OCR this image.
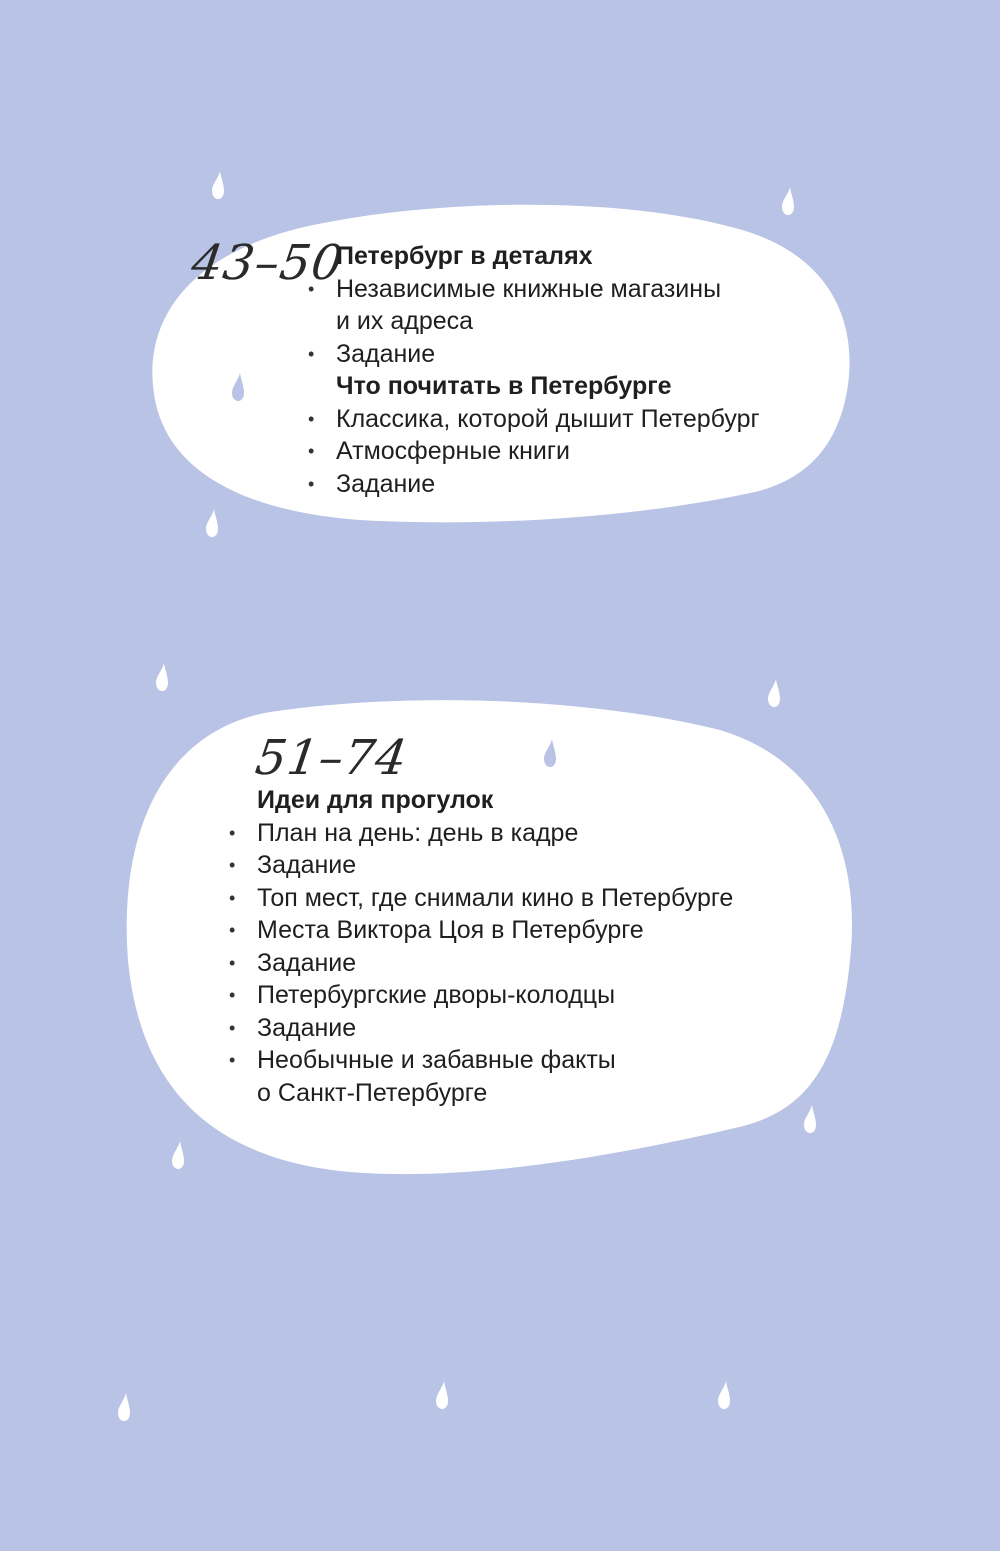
43–50
Петербург в деталях
• Независимые книжные магазины
и их адреса
• Задание
Что почитать в Петербурге
• Классика, которой дышит Петербург
• Атмосферные книги
• Задание
51–74
Идеи для прогулок
• План на день: день в кадре
• Задание
• Топ мест, где снимали кино в Петербурге
• Места Виктора Цоя в Петербурге
• Задание
• Петербургские дворы-колодцы
• Задание
• Необычные и забавные факты
о Санкт-Петербурге
